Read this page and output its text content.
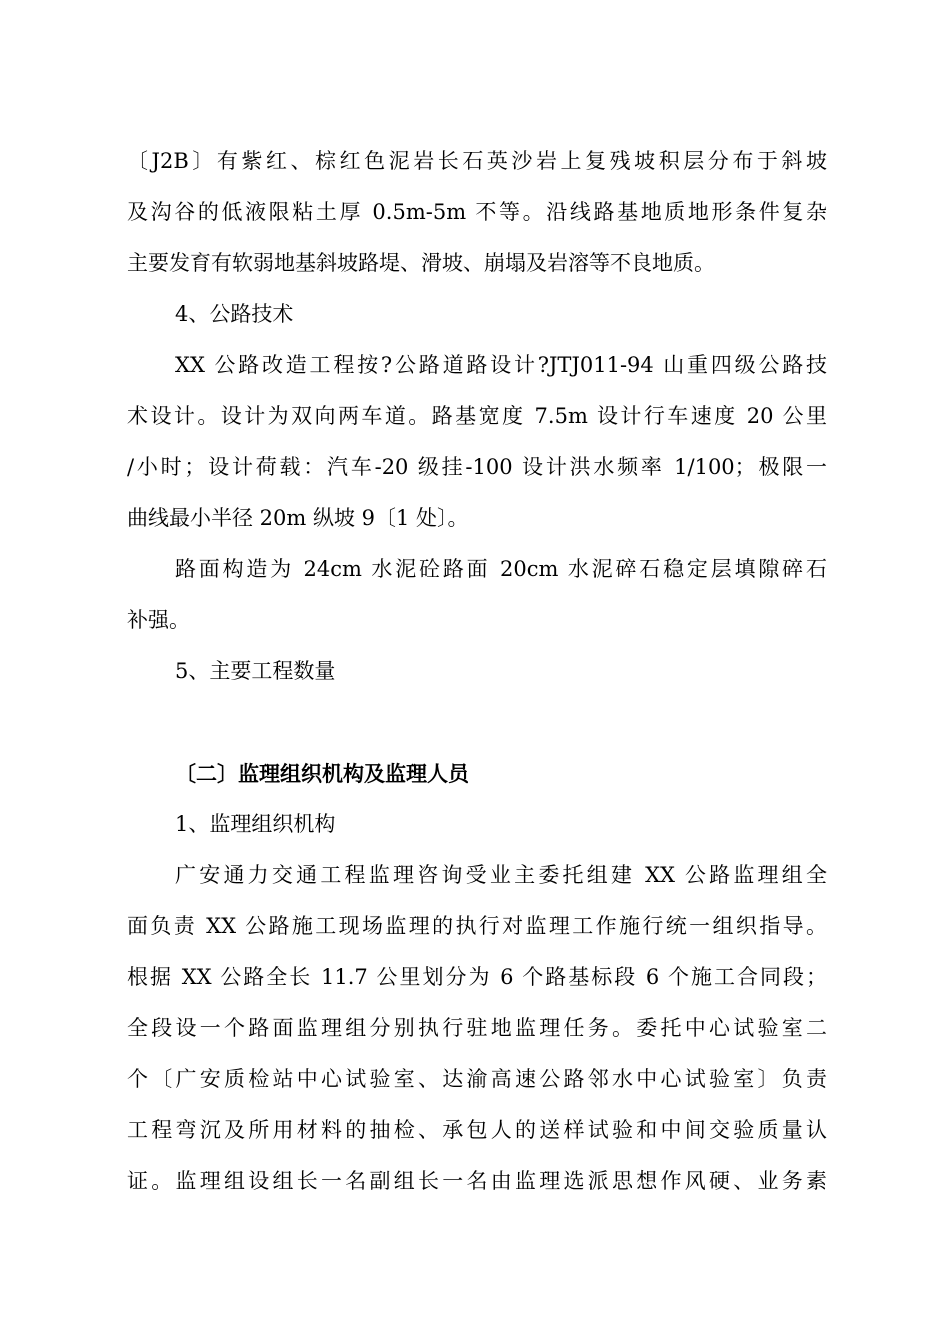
〔J2B〕有紫红、棕红色泥岩长石英沙岩上复残坡积层分布于斜坡
及沟谷的低液限粘土厚 0.5m-5m 不等。沿线路基地质地形条件复杂
主要发育有软弱地基斜坡路堤、滑坡、崩塌及岩溶等不良地质。
4、公路技术
XX 公路改造工程按?公路道路设计?JTJ011-94 山重四级公路技
术设计。设计为双向两车道。路基宽度 7.5m 设计行车速度 20 公里
/小时；设计荷载：汽车-20 级挂-100 设计洪水频率 1/100；极限一
曲线最小半径 20m 纵坡 9〔1 处〕。
路面构造为 24cm 水泥砼路面 20cm 水泥碎石稳定层填隙碎石
补强。
5、主要工程数量
〔二〕监理组织机构及监理人员
1、监理组织机构
广安通力交通工程监理咨询受业主委托组建 XX 公路监理组全
面负责 XX 公路施工现场监理的执行对监理工作施行统一组织指导。
根据 XX 公路全长 11.7 公里划分为 6 个路基标段 6 个施工合同段；
全段设一个路面监理组分别执行驻地监理任务。委托中心试验室二
个〔广安质检站中心试验室、达渝高速公路邻水中心试验室〕负责
工程弯沉及所用材料的抽检、承包人的送样试验和中间交验质量认
证。监理组设组长一名副组长一名由监理选派思想作风硬、业务素
